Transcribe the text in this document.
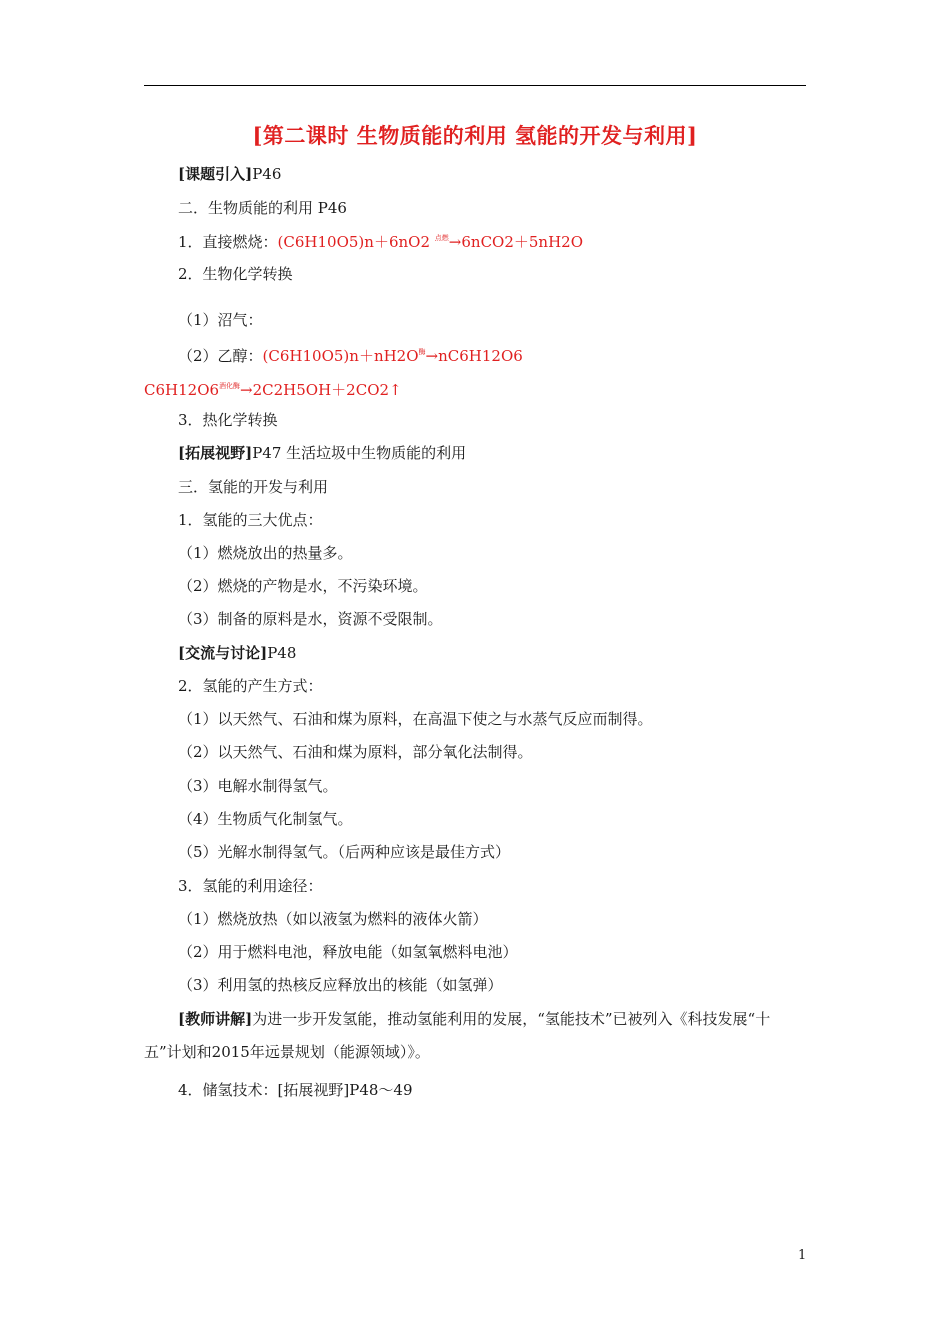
[第二课时 生物质能的利用 氢能的开发与利用]
[课题引入]P46
二．生物质能的利用 P46
1．直接燃烧：(C6H10O5)n＋6nO2 $^{点燃}$→6nCO2＋5nH2O
2．生物化学转换
（1）沼气：
（2）乙醇：$(C6H10O5)n+nH2O^酶\to nC6H12O6$
$C6H12O6^{酒化酶}\to 2C2H5OH+2CO2↑$
3．热化学转换
[拓展视野]P47 生活垃圾中生物质能的利用
三．氢能的开发与利用
1．氢能的三大优点：
（1）燃烧放出的热量多。
（2）燃烧的产物是水，不污染环境。
（3）制备的原料是水，资源不受限制。
[交流与讨论]P48
2．氢能的产生方式：
（1）以天然气、石油和煤为原料，在高温下使之与水蒸气反应而制得。
（2）以天然气、石油和煤为原料，部分氧化法制得。
（3）电解水制得氢气。
（4）生物质气化制氢气。
（5）光解水制得氢气。（后两种应该是最佳方式）
3．氢能的利用途径：
（1）燃烧放热（如以液氢为燃料的液体火箭）
（2）用于燃料电池，释放电能（如氢氧燃料电池）
（3）利用氢的热核反应释放出的核能（如氢弹）
[教师讲解]为进一步开发氢能，推动氢能利用的发展，“氢能技术”已被列入《科技发展“十五”计划和2015年远景规划（能源领域）》。
4．储氢技术：[拓展视野]P48～49
1
